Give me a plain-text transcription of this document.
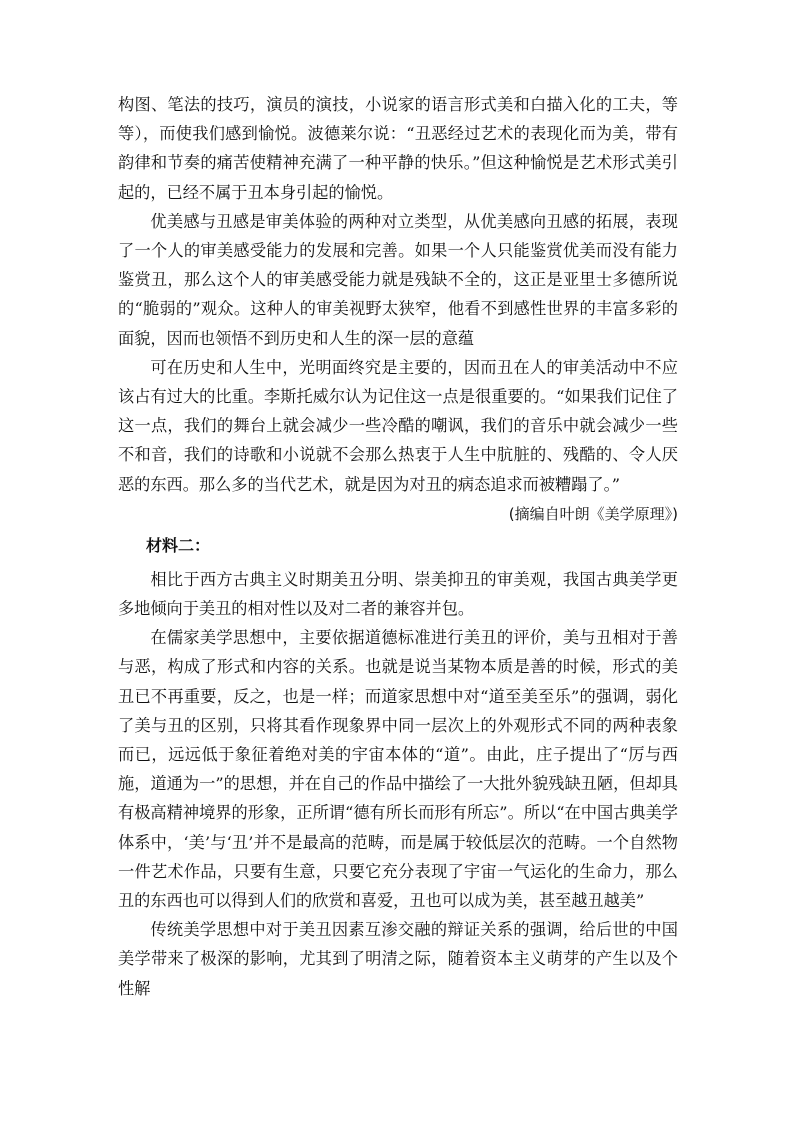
构图、笔法的技巧，演员的演技，小说家的语言形式美和白描入化的工夫，等等），而使我们感到愉悦。波德莱尔说：“丑恶经过艺术的表现化而为美，带有韵律和节奏的痛苦使精神充满了一种平静的快乐。”但这种愉悦是艺术形式美引起的，已经不属于丑本身引起的愉悦。

优美感与丑感是审美体验的两种对立类型，从优美感向丑感的拓展，表现了一个人的审美感受能力的发展和完善。如果一个人只能鉴赏优美而没有能力鉴赏丑，那么这个人的审美感受能力就是残缺不全的，这正是亚里士多德所说的“脆弱的”观众。这种人的审美视野太狭窄，他看不到感性世界的丰富多彩的面貌，因而也领悟不到历史和人生的深一层的意蕴

可在历史和人生中，光明面终究是主要的，因而丑在人的审美活动中不应该占有过大的比重。李斯托威尔认为记住这一点是很重要的。“如果我们记住了这一点，我们的舞台上就会减少一些冷酷的嘲讽，我们的音乐中就会减少一些不和音，我们的诗歌和小说就不会那么热衷于人生中肮脏的、残酷的、令人厌恶的东西。那么多的当代艺术，就是因为对丑的病态追求而被糟蹋了。”

(摘编自叶朗《美学原理》)

材料二：

相比于西方古典主义时期美丑分明、崇美抑丑的审美观，我国古典美学更多地倾向于美丑的相对性以及对二者的兼容并包。

在儒家美学思想中，主要依据道德标准进行美丑的评价，美与丑相对于善与恶，构成了形式和内容的关系。也就是说当某物本质是善的时候，形式的美丑已不再重要，反之，也是一样；而道家思想中对“道至美至乐”的强调，弱化了美与丑的区别，只将其看作现象界中同一层次上的外观形式不同的两种表象而已，远远低于象征着绝对美的宇宙本体的“道”。由此，庄子提出了“厉与西施，道通为一”的思想，并在自己的作品中描绘了一大批外貌残缺丑陋，但却具有极高精神境界的形象，正所谓“德有所长而形有所忘”。所以“在中国古典美学体系中，‘美’与‘丑’并不是最高的范畴，而是属于较低层次的范畴。一个自然物一件艺术作品，只要有生意，只要它充分表现了宇宙一气运化的生命力，那么丑的东西也可以得到人们的欣赏和喜爱，丑也可以成为美，甚至越丑越美”

传统美学思想中对于美丑因素互渗交融的辩证关系的强调，给后世的中国美学带来了极深的影响，尤其到了明清之际，随着资本主义萌芽的产生以及个性解
